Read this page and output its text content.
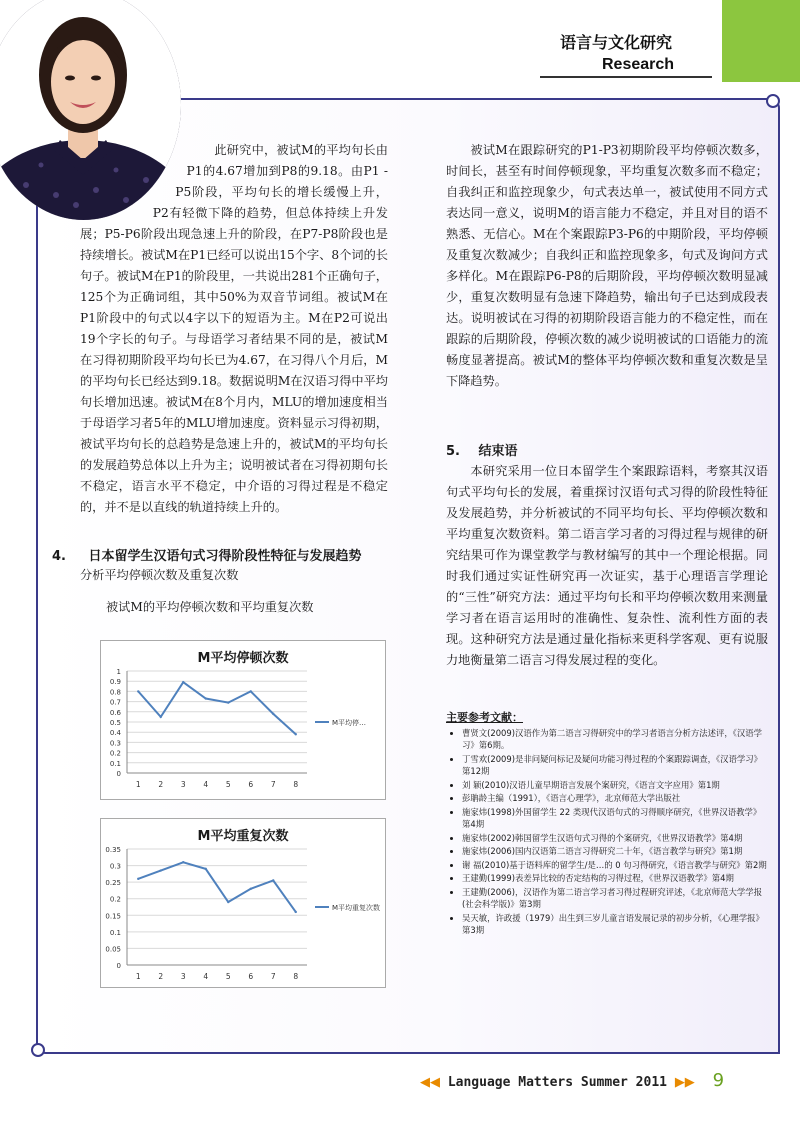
语言与文化研究
Research

此研究中，被试M的平均句长由P1的4.67增加到P8的9.18。由P1 - P5阶段，平均句长的增长缓慢上升，P2有轻微下降的趋势，但总体持续上升发展；P5-P6阶段出现急速上升的阶段，在P7-P8阶段也是持续增长。被试M在P1已经可以说出15个字、8个词的长句子。被试M在P1的阶段里，一共说出281个正确句子，125个为正确词组，其中50%为双音节词组。被试M在P1阶段中的句式以4字以下的短语为主。M在P2可说出19个字长的句子。与母语学习者结果不同的是，被试M在习得初期阶段平均句长已为4.67，在习得八个月后，M的平均句长已经达到9.18。数据说明M在汉语习得中平均句长增加迅速。被试M在8个月内，MLU的增加速度相当于母语学习者5年的MLU增加速度。资料显示习得初期，被试平均句长的总趋势是急速上升的，被试M的平均句长的发展趋势总体以上升为主；说明被试者在习得初期句长不稳定，语言水平不稳定，中介语的习得过程是不稳定的，并不是以直线的轨道持续上升的。

4. 日本留学生汉语句式习得阶段性特征与发展趋势
分析平均停顿次数及重复次数
被试M的平均停顿次数和平均重复次数
M平均停顿次数
0
0.1
0.2
0.3
0.4
0.5
0.6
0.7
0.8
0.9
1
1 2 3 4 5 6 7 8
M平均停…
M平均重复次数
0
0.05
0.1
0.15
0.2
0.25
0.3
0.35
1 2 3 4 5 6 7 8
M平均重复次数

被试M在跟踪研究的P1-P3初期阶段平均停顿次数多，时间长，甚至有时间停顿现象，平均重复次数多而不稳定；自我纠正和监控现象少，句式表达单一，被试使用不同方式表达同一意义，说明M的语言能力不稳定，并且对目的语不熟悉、无信心。M在个案跟踪P3-P6的中期阶段，平均停顿及重复次数减少；自我纠正和监控现象多，句式及询问方式多样化。M在跟踪P6-P8的后期阶段，平均停顿次数明显减少，重复次数明显有急速下降趋势，输出句子已达到成段表达。说明被试在习得的初期阶段语言能力的不稳定性，而在跟踪的后期阶段，停顿次数的减少说明被试的口语能力的流畅度显著提高。被试M的整体平均停顿次数和重复次数是呈下降趋势。

5. 结束语

本研究采用一位日本留学生个案跟踪语料，考察其汉语句式平均句长的发展，着重探讨汉语句式习得的阶段性特征及发展趋势，并分析被试的不同平均句长、平均停顿次数和平均重复次数资料。第二语言学习者的习得过程与规律的研究结果可作为课堂教学与教材编写的其中一个理论根据。同时我们通过实证性研究再一次证实，基于心理语言学理论的“三性”研究方法：通过平均句长和平均停顿次数用来测量学习者在语言运用时的准确性、复杂性、流利性方面的表现。这种研究方法是通过量化指标来更科学客观、更有说服力地衡量第二语言习得发展过程的变化。

主要参考文献：
• 曹贤文(2009)汉语作为第二语言习得研究中的学习者语言分析方法述评，《汉语学习》第6期。
• 丁雪欢(2009)是非问疑问标记及疑问功能习得过程的个案跟踪调查，《汉语学习》第12期
• 刘 颖(2010)汉语儿童早期语言发展个案研究，《语言文字应用》第1期
• 彭聃龄主编（1991），《语言心理学》，北京师范大学出版社
• 施家炜(1998)外国留学生 22 类现代汉语句式的习得顺序研究，《世界汉语教学》第4期
• 施家炜(2002)韩国留学生汉语句式习得的个案研究，《世界汉语教学》第4期
• 施家炜(2006)国内汉语第二语言习得研究二十年，《语言教学与研究》第1期
• 谢 福(2010)基于语料库的留学生/是…的 0 句习得研究，《语言教学与研究》第2期
• 王建勤(1999)表差异比较的否定结构的习得过程，《世界汉语教学》第4期
• 王建勤(2006)，汉语作为第二语言学习者习得过程研究评述，《北京师范大学学报(社会科学版)》第3期
• 吴天敏，许政援（1979）出生到三岁儿童言语发展记录的初步分析，《心理学报》第3期
◀◀ Language Matters Summer 2011 ▶▶ 9
